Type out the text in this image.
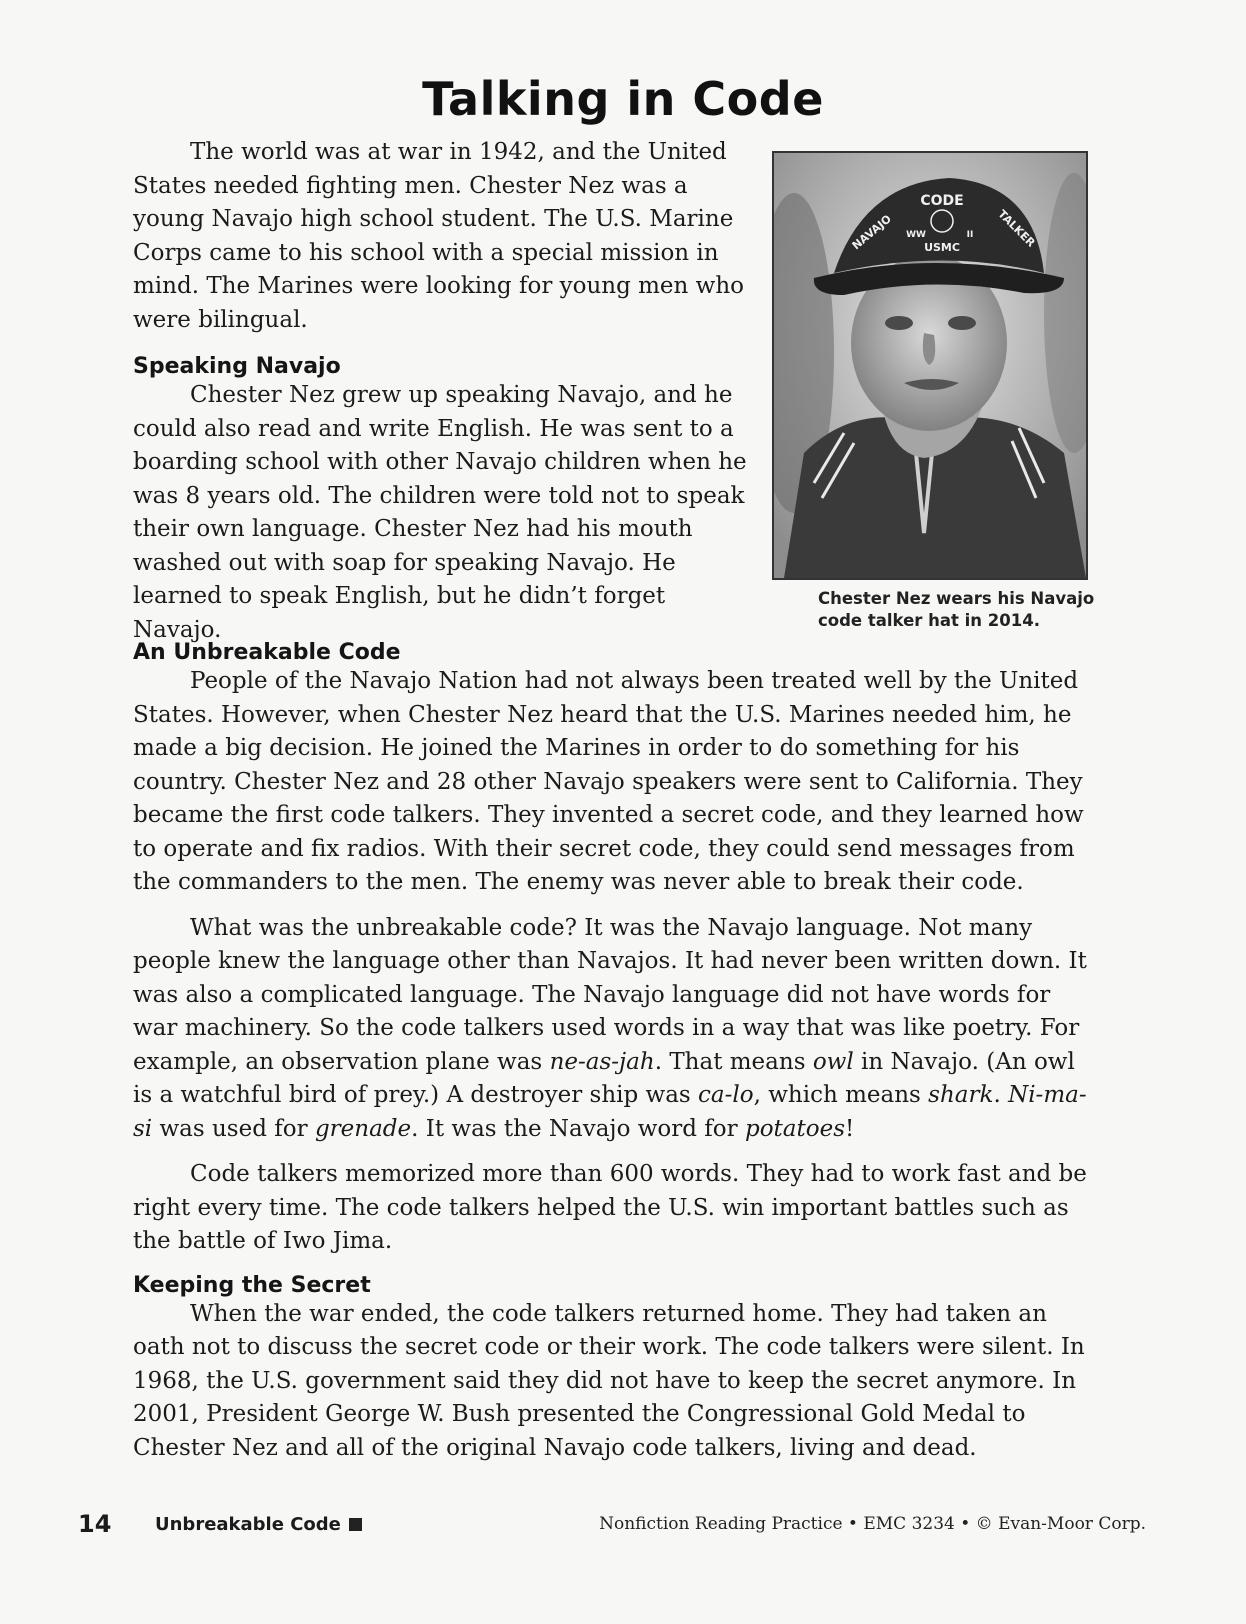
Talking in Code

The world was at war in 1942, and the United States needed fighting men. Chester Nez was a young Navajo high school student. The U.S. Marine Corps came to his school with a special mission in mind. The Marines were looking for young men who were bilingual.

Speaking Navajo

Chester Nez grew up speaking Navajo, and he could also read and write English. He was sent to a boarding school with other Navajo children when he was 8 years old. The children were told not to speak their own language. Chester Nez had his mouth washed out with soap for speaking Navajo. He learned to speak English, but he didn’t forget Navajo.

CODE
NAVAJO	TALKER
WW	II
USMC

Chester Nez wears his Navajo code talker hat in 2014.

An Unbreakable Code

People of the Navajo Nation had not always been treated well by the United States. However, when Chester Nez heard that the U.S. Marines needed him, he made a big decision. He joined the Marines in order to do something for his country. Chester Nez and 28 other Navajo speakers were sent to California. They became the first code talkers. They invented a secret code, and they learned how to operate and fix radios. With their secret code, they could send messages from the commanders to the men. The enemy was never able to break their code.

What was the unbreakable code? It was the Navajo language. Not many people knew the language other than Navajos. It had never been written down. It was also a complicated language. The Navajo language did not have words for war machinery. So the code talkers used words in a way that was like poetry. For example, an observation plane was ne-as-jah. That means owl in Navajo. (An owl is a watchful bird of prey.) A destroyer ship was ca-lo, which means shark. Ni-ma-si was used for grenade. It was the Navajo word for potatoes!

Code talkers memorized more than 600 words. They had to work fast and be right every time. The code talkers helped the U.S. win important battles such as the battle of Iwo Jima.

Keeping the Secret

When the war ended, the code talkers returned home. They had taken an oath not to discuss the secret code or their work. The code talkers were silent. In 1968, the U.S. government said they did not have to keep the secret anymore. In 2001, President George W. Bush presented the Congressional Gold Medal to Chester Nez and all of the original Navajo code talkers, living and dead.

14 Unbreakable Code	Nonfiction Reading Practice • EMC 3234 • © Evan-Moor Corp.
